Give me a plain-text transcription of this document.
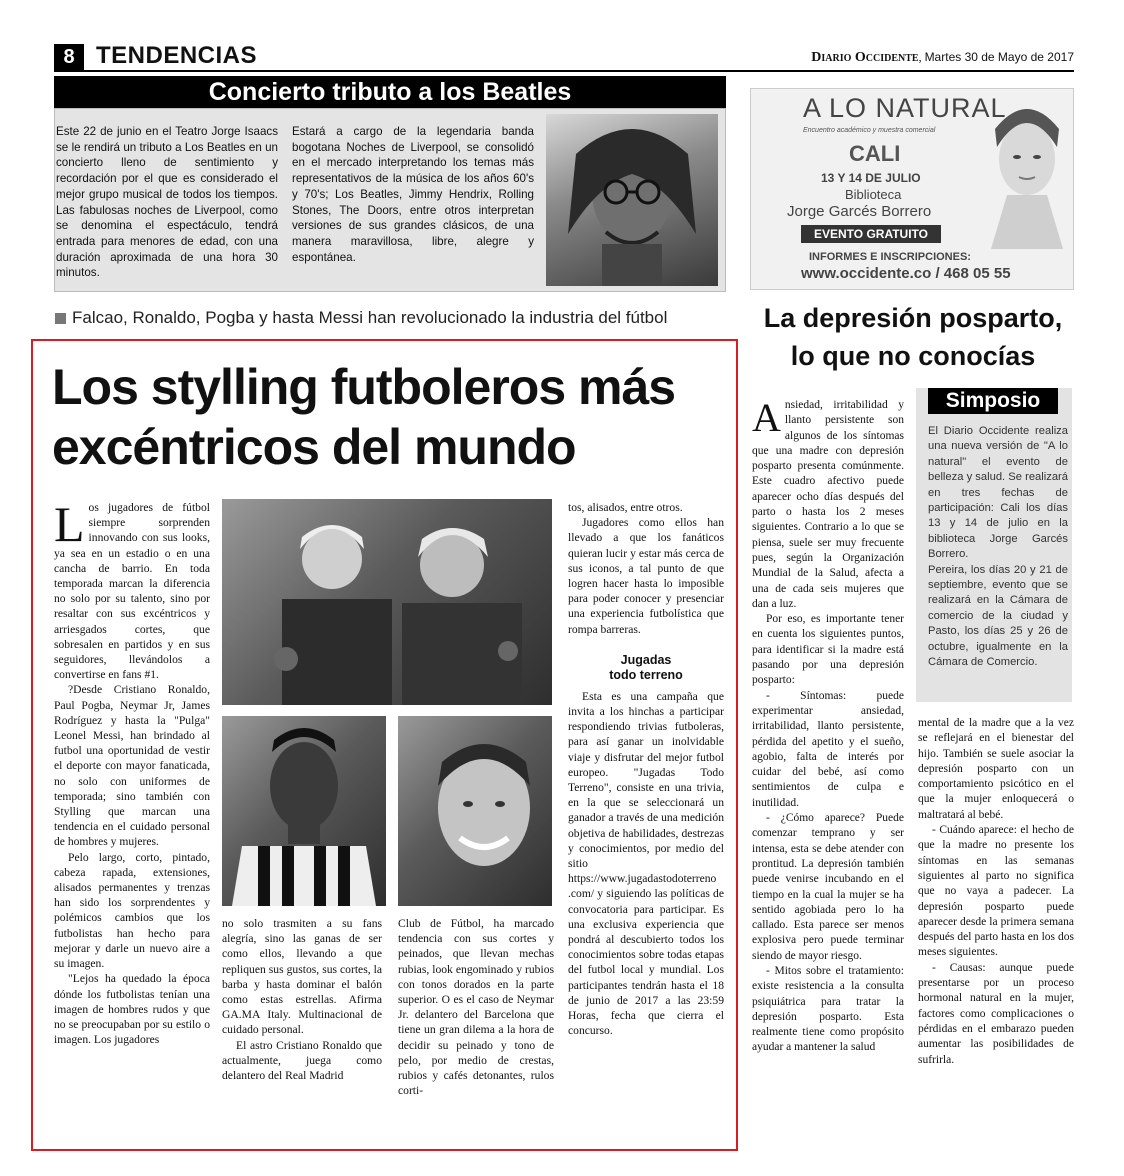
8 TENDENCIAS	Diario Occidente, Martes 30 de Mayo de 2017
Concierto tributo a los Beatles
Este 22 de junio en el Teatro Jorge Isaacs se le rendirá un tributo a Los Beatles en un concierto lleno de sentimiento y recordación por el que es considerado el mejor grupo musical de todos los tiempos. Las fabulosas noches de Liverpool, como se denomina el espectáculo, tendrá entrada para menores de edad, con una duración aproximada de una hora 30 minutos.
Estará a cargo de la legendaria banda bogotana Noches de Liverpool, se consolidó en el mercado interpretando los temas más representativos de la música de los años 60's y 70's; Los Beatles, Jimmy Hendrix, Rolling Stones, The Doors, entre otros interpretan versiones de sus grandes clásicos, de una manera maravillosa, libre, alegre y espontánea.
A LO NATURAL
Encuentro académico y muestra comercial
CALI
13 Y 14 DE JULIO
Biblioteca
Jorge Garcés Borrero
EVENTO GRATUITO
INFORMES E INSCRIPCIONES:
www.occidente.co / 468 05 55
Falcao, Ronaldo, Pogba y hasta Messi han revolucionado la industria del fútbol
Los stylling futboleros más
excéntricos del mundo

Los jugadores de fútbol siempre sorprenden innovando con sus looks, ya sea en un estadio o en una cancha de barrio. En toda temporada marcan la diferencia no solo por su talento, sino por resaltar con sus excéntricos y arriesgados cortes, que sobresalen en partidos y en sus seguidores, llevándolos a convertirse en fans #1.

?Desde Cristiano Ronaldo, Paul Pogba, Neymar Jr, James Rodríguez y hasta la "Pulga" Leonel Messi, han brindado al futbol una oportunidad de vestir el deporte con mayor fanaticada, no solo con uniformes de temporada; sino también con Stylling que marcan una tendencia en el cuidado personal de hombres y mujeres.

Pelo largo, corto, pintado, cabeza rapada, extensiones, alisados permanentes y trenzas han sido los sorprendentes y polémicos cambios que los futbolistas han hecho para mejorar y darle un nuevo aire a su imagen.

"Lejos ha quedado la época dónde los futbolistas tenían una imagen de hombres rudos y que no se preocupaban por su estilo o imagen. Los jugadores

no solo trasmiten a su fans alegría, sino las ganas de ser como ellos, llevando a que repliquen sus gustos, sus cortes, la barba y hasta dominar el balón como estas estrellas. Afirma GA.MA Italy. Multinacional de cuidado personal.

El astro Cristiano Ronaldo que actualmente, juega como delantero del Real Madrid

Club de Fútbol, ha marcado tendencia con sus cortes y peinados, que llevan mechas rubias, look engominado y rubios con tonos dorados en la parte superior. O es el caso de Neymar Jr. delantero del Barcelona que tiene un gran dilema a la hora de decidir su peinado y tono de pelo, por medio de crestas, rubios y cafés detonantes, rulos corti-

tos, alisados, entre otros.

Jugadores como ellos han llevado a que los fanáticos quieran lucir y estar más cerca de sus iconos, a tal punto de que logren hacer hasta lo imposible para poder conocer y presenciar una experiencia futbolística que rompa barreras.

Jugadas
todo terreno

Esta es una campaña que invita a los hinchas a participar respondiendo trivias futboleras, para así ganar un inolvidable viaje y disfrutar del mejor futbol europeo. "Jugadas Todo Terreno", consiste en una trivia, en la que se seleccionará un ganador a través de una medición objetiva de habilidades, destrezas y conocimientos, por medio del sitio https://www.jugadastodoterreno .com/ y siguiendo las políticas de convocatoria para participar. Es una exclusiva experiencia que pondrá al descubierto todos los conocimientos sobre todas etapas del futbol local y mundial. Los participantes tendrán hasta el 18 de junio de 2017 a las 23:59 Horas, fecha que cierra el concurso.

La depresión posparto,
lo que no conocías

Ansiedad, irritabilidad y llanto persistente son algunos de los síntomas que una madre con depresión posparto presenta comúnmente. Este cuadro afectivo puede aparecer ocho días después del parto o hasta los 2 meses siguientes. Contrario a lo que se piensa, suele ser muy frecuente pues, según la Organización Mundial de la Salud, afecta a una de cada seis mujeres que dan a luz.

Por eso, es importante tener en cuenta los siguientes puntos, para identificar si la madre está pasando por una depresión posparto:

- Síntomas: puede experimentar ansiedad, irritabilidad, llanto persistente, pérdida del apetito y el sueño, agobio, falta de interés por cuidar del bebé, así como sentimientos de culpa e inutilidad.

- ¿Cómo aparece? Puede comenzar temprano y ser intensa, esta se debe atender con prontitud. La depresión también puede venirse incubando en el tiempo en la cual la mujer se ha sentido agobiada pero lo ha callado. Esta parece ser menos explosiva pero puede terminar siendo de mayor riesgo.

- Mitos sobre el tratamiento: existe resistencia a la consulta psiquiátrica para tratar la depresión posparto. Esta realmente tiene como propósito ayudar a mantener la salud

Simposio
El Diario Occidente realiza una nueva versión de "A lo natural" el evento de belleza y salud. Se realizará en tres fechas de participación: Cali los días 13 y 14 de julio en la biblioteca Jorge Garcés Borrero.
Pereira, los días 20 y 21 de septiembre, evento que se realizará en la Cámara de comercio de la ciudad y Pasto, los días 25 y 26 de octubre, igualmente en la Cámara de Comercio.

mental de la madre que a la vez se reflejará en el bienestar del hijo. También se suele asociar la depresión posparto con un comportamiento psicótico en el que la mujer enloquecerá o maltratará al bebé.

- Cuándo aparece: el hecho de que la madre no presente los síntomas en las semanas siguientes al parto no significa que no vaya a padecer. La depresión posparto puede aparecer desde la primera semana después del parto hasta en los dos meses siguientes.

- Causas: aunque puede presentarse por un proceso hormonal natural en la mujer, factores como complicaciones o pérdidas en el embarazo pueden aumentar las posibilidades de sufrirla.
